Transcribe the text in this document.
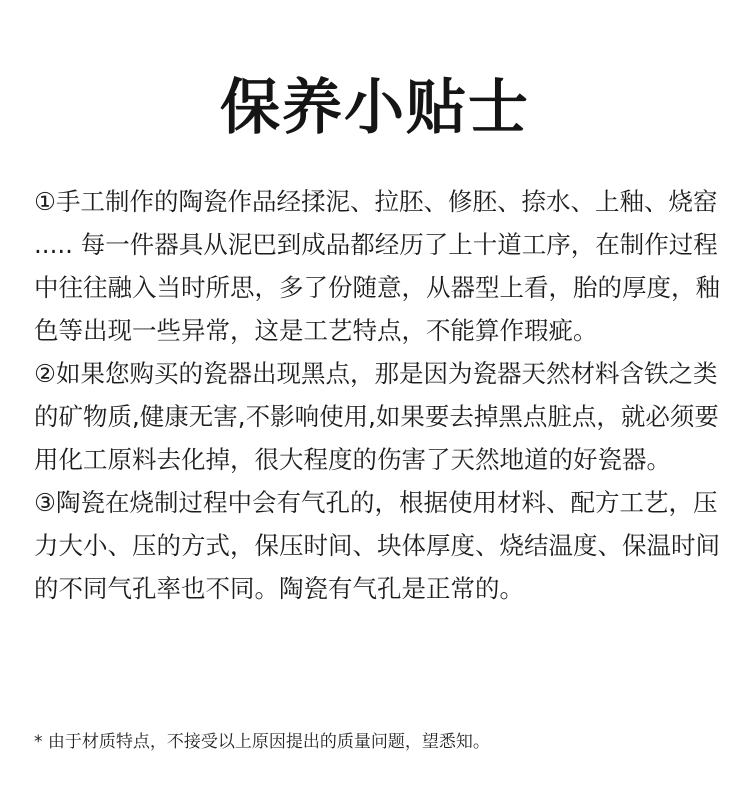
保养小贴士

①手工制作的陶瓷作品经揉泥、拉胚、修胚、捺水、上釉、烧窑 ..... 每一件器具从泥巴到成品都经历了上十道工序，在制作过程中往往融入当时所思，多了份随意，从器型上看，胎的厚度，釉色等出现一些异常，这是工艺特点，不能算作瑕疵。

②如果您购买的瓷器出现黑点，那是因为瓷器天然材料含铁之类的矿物质,健康无害,不影响使用,如果要去掉黑点脏点，就必须要用化工原料去化掉，很大程度的伤害了天然地道的好瓷器。

③陶瓷在烧制过程中会有气孔的，根据使用材料、配方工艺，压力大小、压的方式，保压时间、块体厚度、烧结温度、保温时间的不同气孔率也不同。陶瓷有气孔是正常的。

* 由于材质特点，不接受以上原因提出的质量问题，望悉知。
